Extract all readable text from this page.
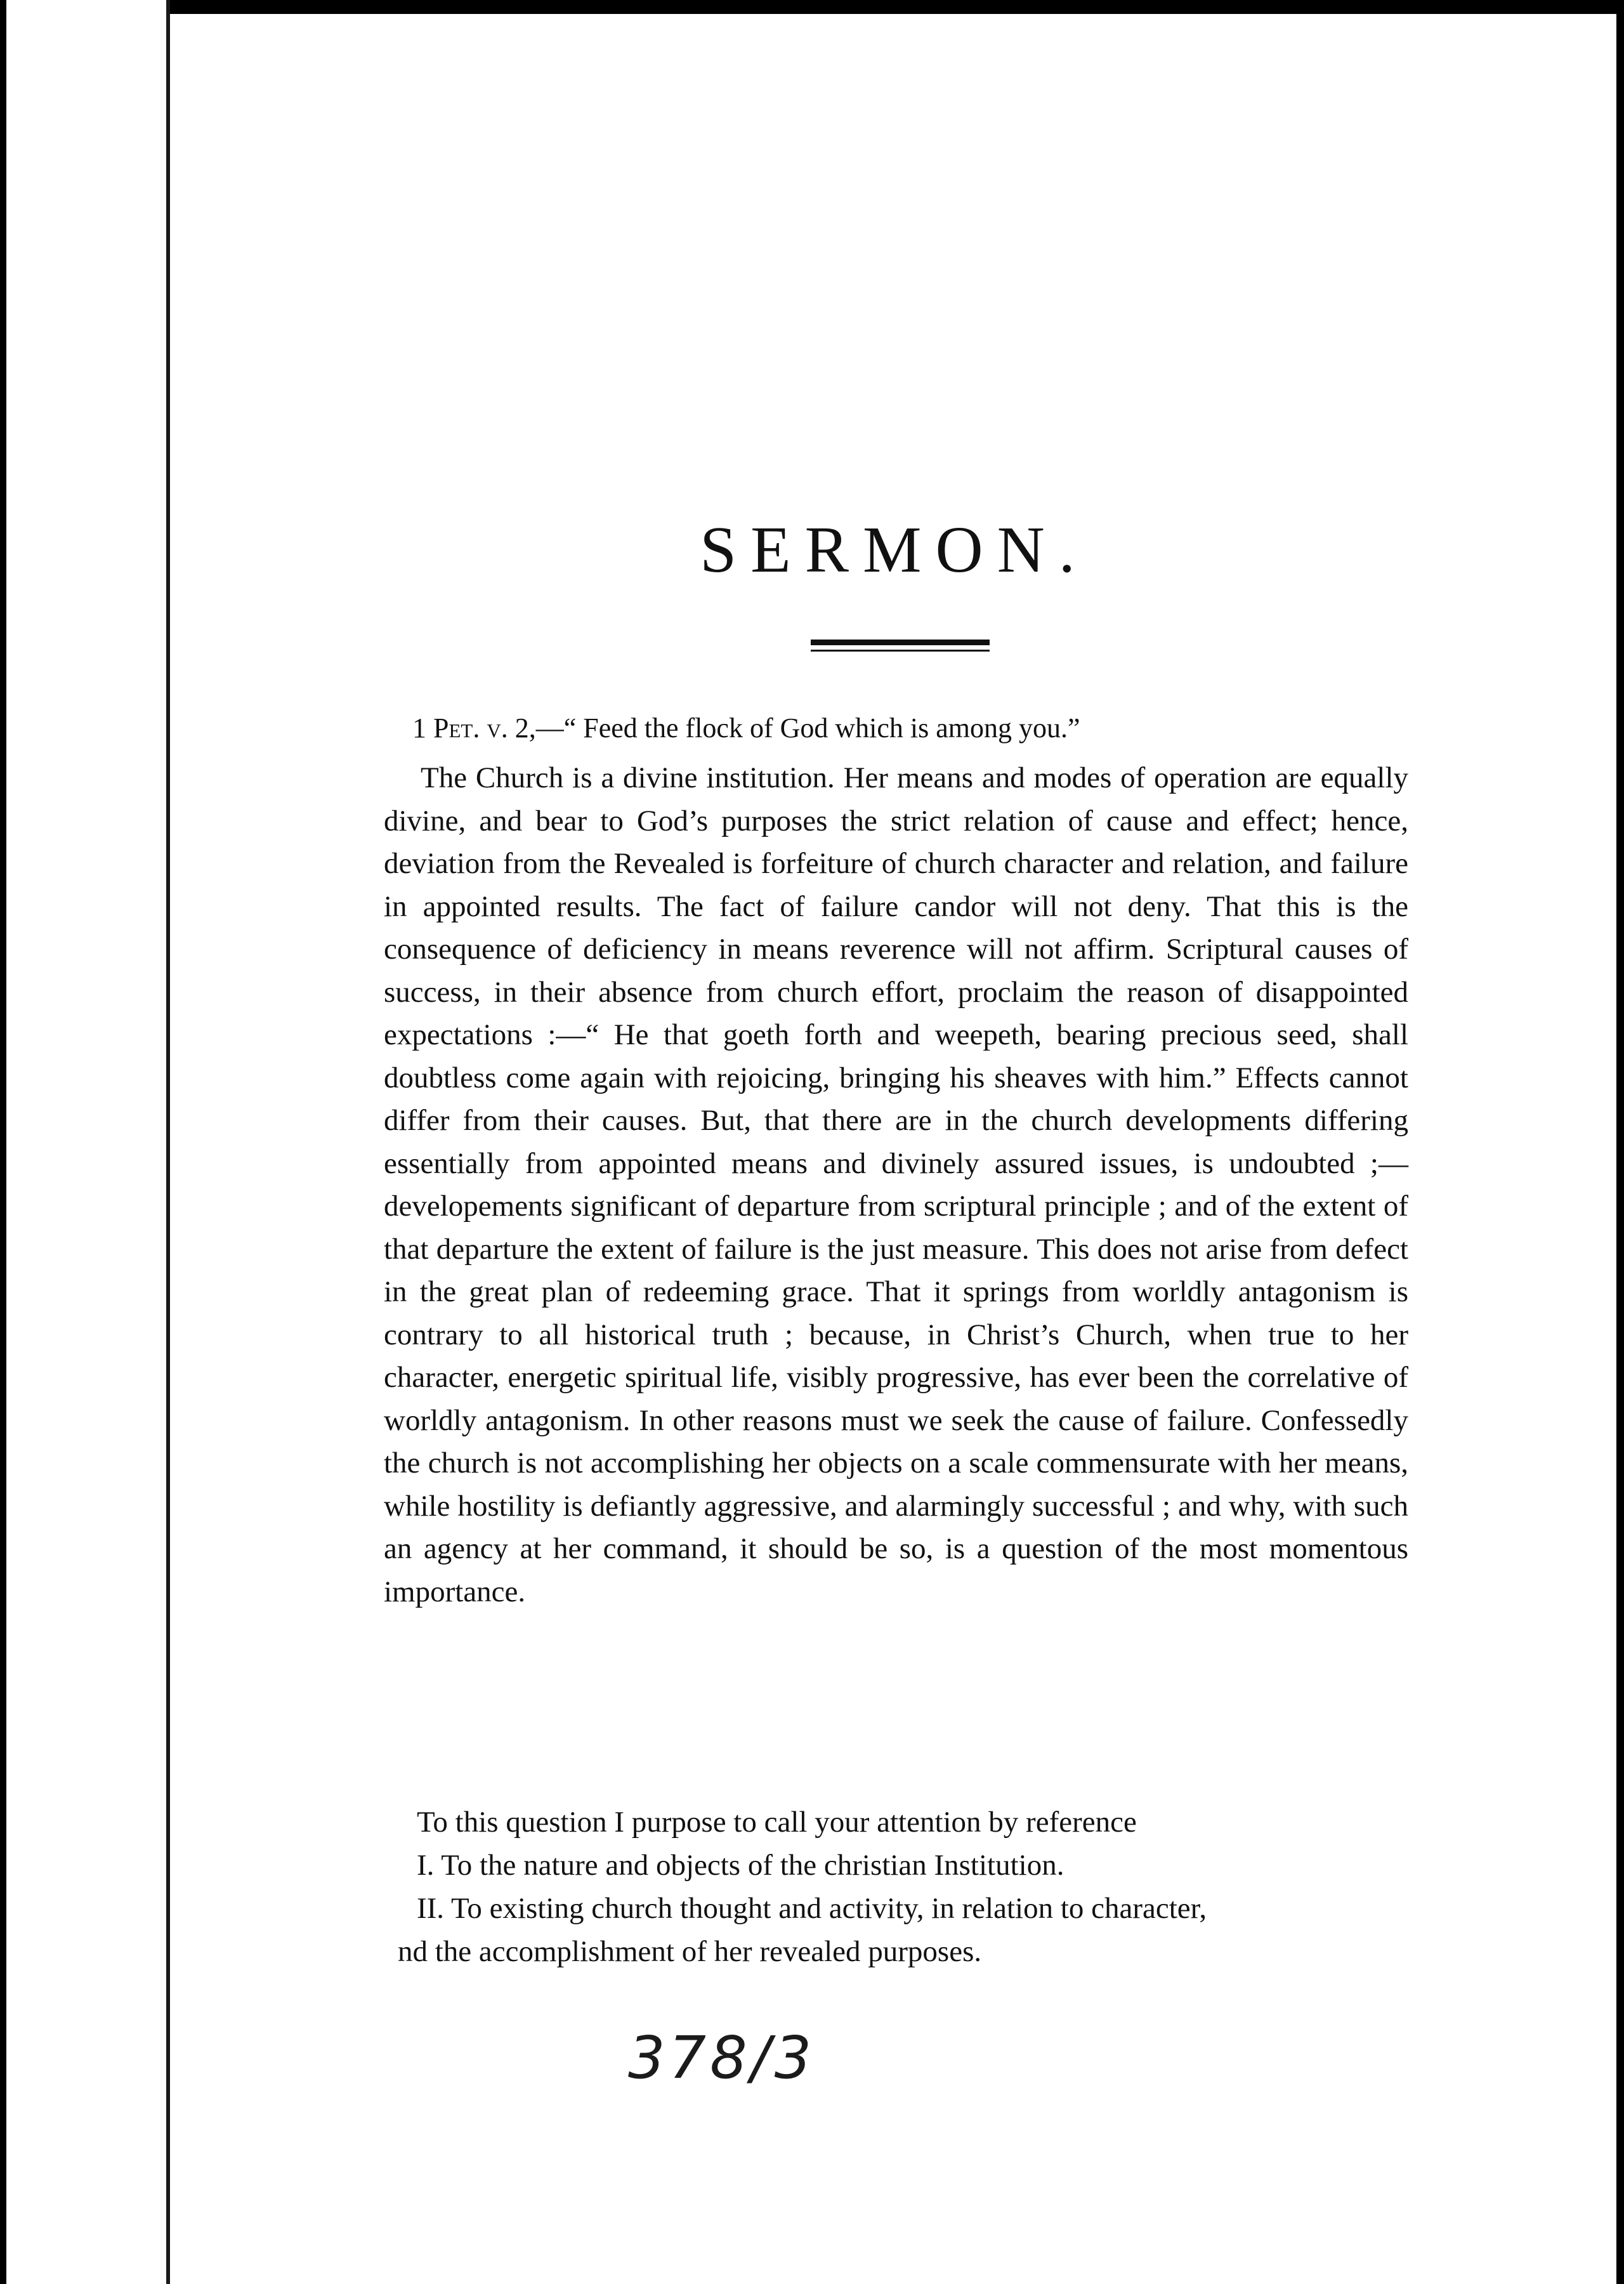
SERMON.
1 Pet. v. 2,—“ Feed the flock of God which is among you.”

The Church is a divine institution. Her means and modes of operation are equally divine, and bear to God’s purposes the strict relation of cause and effect; hence, deviation from the Revealed is forfeiture of church character and relation, and failure in appointed results. The fact of failure candor will not deny. That this is the consequence of deficiency in means reverence will not affirm. Scriptural causes of success, in their absence from church effort, proclaim the reason of disappointed expectations :—“ He that goeth forth and weepeth, bearing precious seed, shall doubtless come again with rejoicing, bringing his sheaves with him.” Effects cannot differ from their causes. But, that there are in the church developments differing essentially from appointed means and divinely assured issues, is undoubted ;—developements significant of departure from scriptural principle ; and of the extent of that departure the extent of failure is the just measure. This does not arise from defect in the great plan of redeeming grace. That it springs from worldly antagonism is contrary to all historical truth ; because, in Christ’s Church, when true to her character, energetic spiritual life, visibly progressive, has ever been the correlative of worldly antagonism. In other reasons must we seek the cause of failure. Confessedly the church is not accomplishing her objects on a scale commensurate with her means, while hostility is defiantly aggressive, and alarmingly successful ; and why, with such an agency at her command, it should be so, is a question of the most momentous importance.

To this question I purpose to call your attention by reference
I. To the nature and objects of the christian Institution.
II. To existing church thought and activity, in relation to character,
nd the accomplishment of her revealed purposes.
378/3
